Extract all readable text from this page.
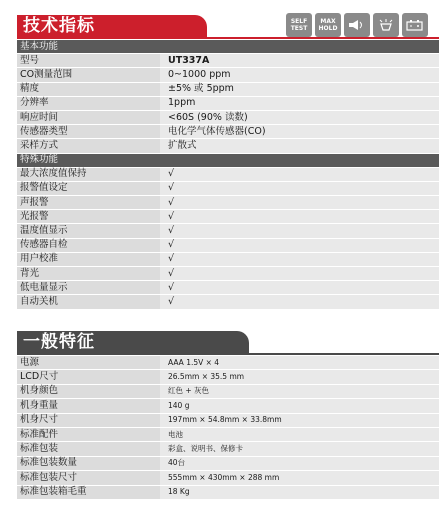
技术指标	SELF TEST
MAX HOLD
基本功能	
型号	UT337A
CO测量范围	0~1000 ppm
精度	±5% 或 5ppm
分辨率	1ppm
响应时间	<60S (90% 读数)
传感器类型	电化学气体传感器(CO)
采样方式	扩散式
特殊功能	
最大浓度值保持	√
报警值设定	√
声报警	√
光报警	√
温度值显示	√
传感器自检	√
用户校准	√
背光	√
低电量显示	√
自动关机	√
一般特征
电源	AAA 1.5V × 4
LCD尺寸	26.5mm × 35.5 mm
机身颜色	红色 + 灰色
机身重量	140 g
机身尺寸	197mm × 54.8mm × 33.8mm
标准配件	电池
标准包装	彩盒、说明书、保修卡
标准包装数量	40台
标准包装尺寸	555mm × 430mm × 288 mm
标准包装箱毛重	18 Kg
